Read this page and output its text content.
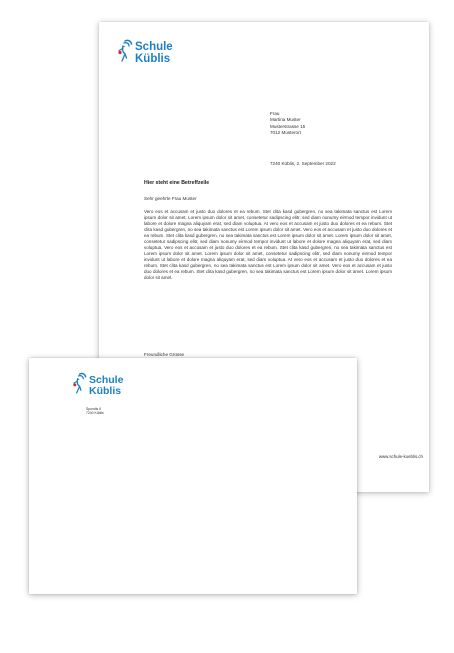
Schule
Küblis
Frau
Martina Muster
Musterstrasse 15
7012 Musterort
7240 Küblis, 2. September 2022
Hier steht eine Betreffzeile
Sehr geehrte Frau Muster
Vero eos et accusam et justo duo dolores et ea rebum. Stet clita kasd gubergren, no sea takimata sanctus est Lorem ipsum dolor sit amet. Lorem ipsum dolor sit amet, consetetur sadipscing elitr, sed diam nonumy eirmod tempor invidunt ut labore et dolore magna aliquyam erat, sed diam voluptua. At vero eos et accusam et justo duo dolores et ea rebum. Stet clita kasd gubergren, no sea takimata sanctus est Lorem ipsum dolor sit amet. Vero eos et accusam et justo duo dolores et ea rebum. Stet clita kasd gubergren, no sea takimata sanctus est Lorem ipsum dolor sit amet. Lorem ipsum dolor sit amet, consetetur sadipscing elitr, sed diam nonumy eirmod tempor invidunt ut labore et dolore magna aliquyam erat, sed diam voluptua. Vero eos et accusam et justo duo dolores et ea rebum. Stet clita kasd gubergren, no sea takimata sanctus est Lorem ipsum dolor sit amet. Lorem ipsum dolor sit amet, consetetur sadipscing elitr, sed diam nonumy eirmod tempor invidunt ut labore et dolore magna aliquyam erat, sed diam voluptua. At vero eos et accusam et justo duo dolores et ea rebum. Stet clita kasd gubergren, no sea takimata sanctus est Lorem ipsum dolor sit amet. Vero eos et accusam et justo duo dolores et ea rebum. Stet clita kasd gubergren, no sea takimata sanctus est Lorem ipsum dolor sit amet. Lorem ipsum dolor sit amet.
Freundliche Grüsse
www.schule-kueblis.ch
Schule
Küblis
Spondis 6
7240 Küblis
